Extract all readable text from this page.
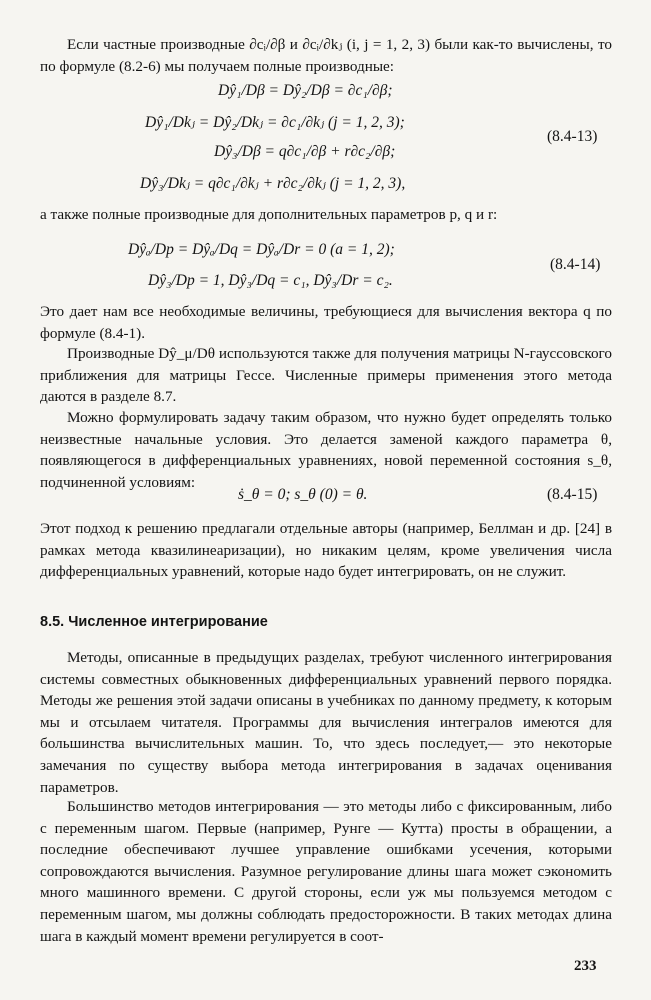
Если частные производные ∂cᵢ/∂β и ∂cᵢ/∂kⱼ (i, j = 1, 2, 3) были как-то вычислены, то по формуле (8.2-6) мы получаем полные производные:

Dŷ₁/Dβ = Dŷ₂/Dβ = ∂c₁/∂β;
Dŷ₁/Dkⱼ = Dŷ₂/Dkⱼ = ∂c₁/∂kⱼ (j = 1, 2, 3);
Dŷ₃/Dβ = q∂c₁/∂β + r∂c₂/∂β;
Dŷ₃/Dkⱼ = q∂c₁/∂kⱼ + r∂c₂/∂kⱼ (j = 1, 2, 3),
(8.4-13)

а также полные производные для дополнительных параметров p, q и r:

Dŷₐ/Dp = Dŷₐ/Dq = Dŷₐ/Dr = 0 (a = 1, 2);
Dŷ₃/Dp = 1, Dŷ₃/Dq = c₁, Dŷ₃/Dr = c₂.
(8.4-14)

Это дает нам все необходимые величины, требующиеся для вычисления вектора q по формуле (8.4-1).

Производные Dŷ_μ/Dθ используются также для получения матрицы N-гауссовского приближения для матрицы Гессе. Численные примеры применения этого метода даются в разделе 8.7.

Можно формулировать задачу таким образом, что нужно будет определять только неизвестные начальные условия. Это делается заменой каждого параметра θ, появляющегося в дифференциальных уравнениях, новой переменной состояния s_θ, подчиненной условиям:

ṡ_θ = 0; s_θ (0) = θ.	(8.4-15)

Этот подход к решению предлагали отдельные авторы (например, Беллман и др. [24] в рамках метода квазилинеаризации), но никаким целям, кроме увеличения числа дифференциальных уравнений, которые надо будет интегрировать, он не служит.

8.5. Численное интегрирование

Методы, описанные в предыдущих разделах, требуют численного интегрирования системы совместных обыкновенных дифференциальных уравнений первого порядка. Методы же решения этой задачи описаны в учебниках по данному предмету, к которым мы и отсылаем читателя. Программы для вычисления интегралов имеются для большинства вычислительных машин. То, что здесь последует,— это некоторые замечания по существу выбора метода интегрирования в задачах оценивания параметров.

Большинство методов интегрирования — это методы либо с фиксированным, либо с переменным шагом. Первые (например, Рунге — Кутта) просты в обращении, а последние обеспечивают лучшее управление ошибками усечения, которыми сопровождаются вычисления. Разумное регулирование длины шага может сэкономить много машинного времени. С другой стороны, если уж мы пользуемся методом с переменным шагом, мы должны соблюдать предосторожности. В таких методах длина шага в каждый момент времени регулируется в соот-

233
